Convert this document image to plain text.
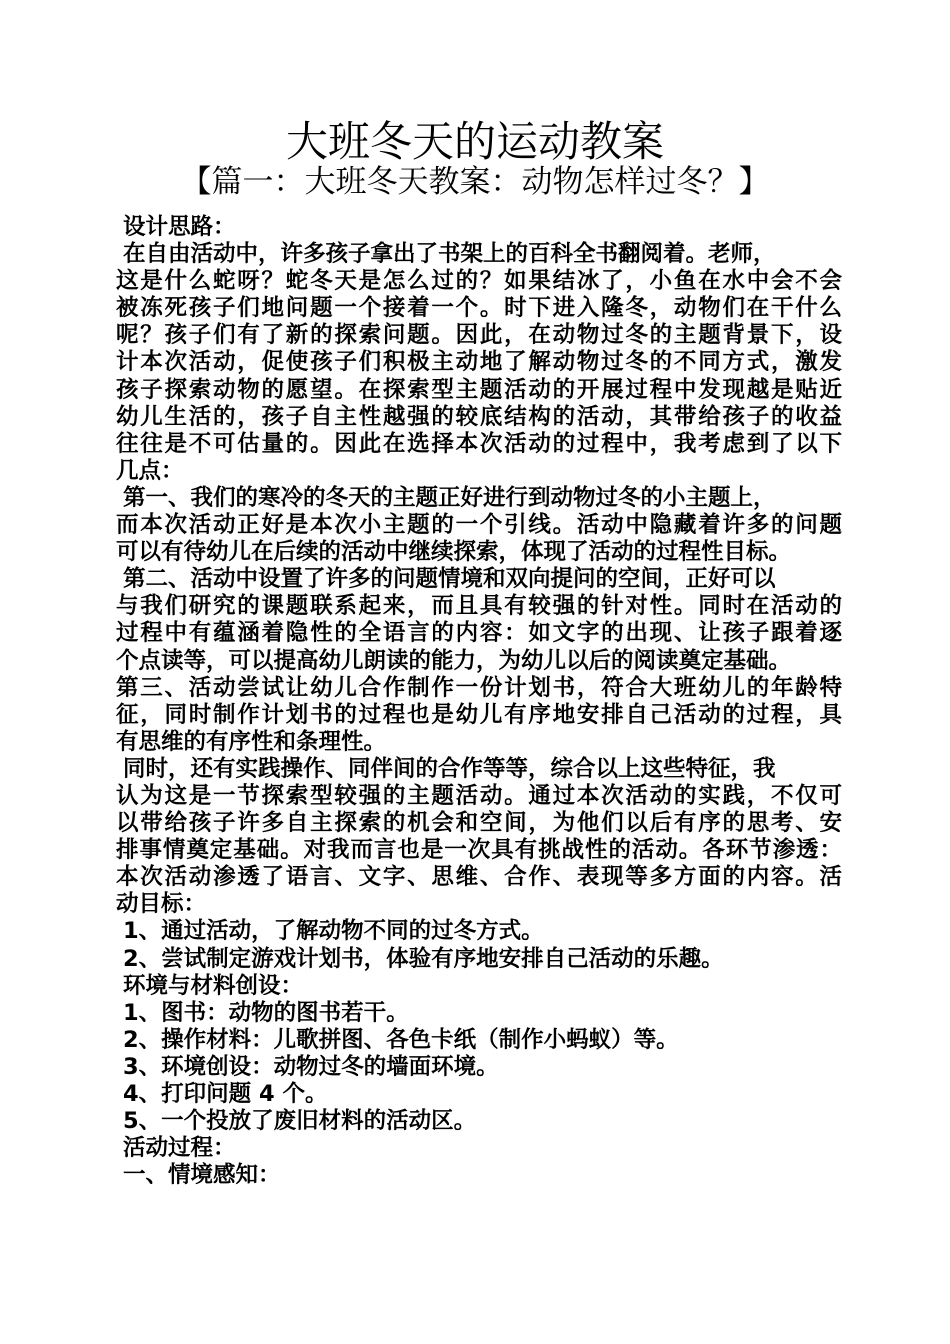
大班冬天的运动教案
【篇一：大班冬天教案：动物怎样过冬？】
设计思路：
在自由活动中，许多孩子拿出了书架上的百科全书翻阅着。老师，
这是什么蛇呀？蛇冬天是怎么过的？如果结冰了，小鱼在水中会不会
被冻死孩子们地问题一个接着一个。时下进入隆冬，动物们在干什么
呢？孩子们有了新的探索问题。因此，在动物过冬的主题背景下，设
计本次活动，促使孩子们积极主动地了解动物过冬的不同方式，激发
孩子探索动物的愿望。在探索型主题活动的开展过程中发现越是贴近
幼儿生活的，孩子自主性越强的较底结构的活动，其带给孩子的收益
往往是不可估量的。因此在选择本次活动的过程中，我考虑到了以下
几点：
第一、我们的寒冷的冬天的主题正好进行到动物过冬的小主题上，
而本次活动正好是本次小主题的一个引线。活动中隐藏着许多的问题
可以有待幼儿在后续的活动中继续探索，体现了活动的过程性目标。
第二、活动中设置了许多的问题情境和双向提问的空间，正好可以
与我们研究的课题联系起来，而且具有较强的针对性。同时在活动的
过程中有蕴涵着隐性的全语言的内容：如文字的出现、让孩子跟着逐
个点读等，可以提高幼儿朗读的能力，为幼儿以后的阅读奠定基础。
第三、活动尝试让幼儿合作制作一份计划书，符合大班幼儿的年龄特
征，同时制作计划书的过程也是幼儿有序地安排自己活动的过程，具
有思维的有序性和条理性。
同时，还有实践操作、同伴间的合作等等，综合以上这些特征，我
认为这是一节探索型较强的主题活动。通过本次活动的实践，不仅可
以带给孩子许多自主探索的机会和空间，为他们以后有序的思考、安
排事情奠定基础。对我而言也是一次具有挑战性的活动。各环节渗透：
本次活动渗透了语言、文字、思维、合作、表现等多方面的内容。活
动目标：
1、通过活动，了解动物不同的过冬方式。
2、尝试制定游戏计划书，体验有序地安排自己活动的乐趣。
环境与材料创设：
1、图书：动物的图书若干。
2、操作材料：儿歌拼图、各色卡纸（制作小蚂蚁）等。
3、环境创设：动物过冬的墙面环境。
4、打印问题 4 个。
5、一个投放了废旧材料的活动区。
活动过程：
一、情境感知：
